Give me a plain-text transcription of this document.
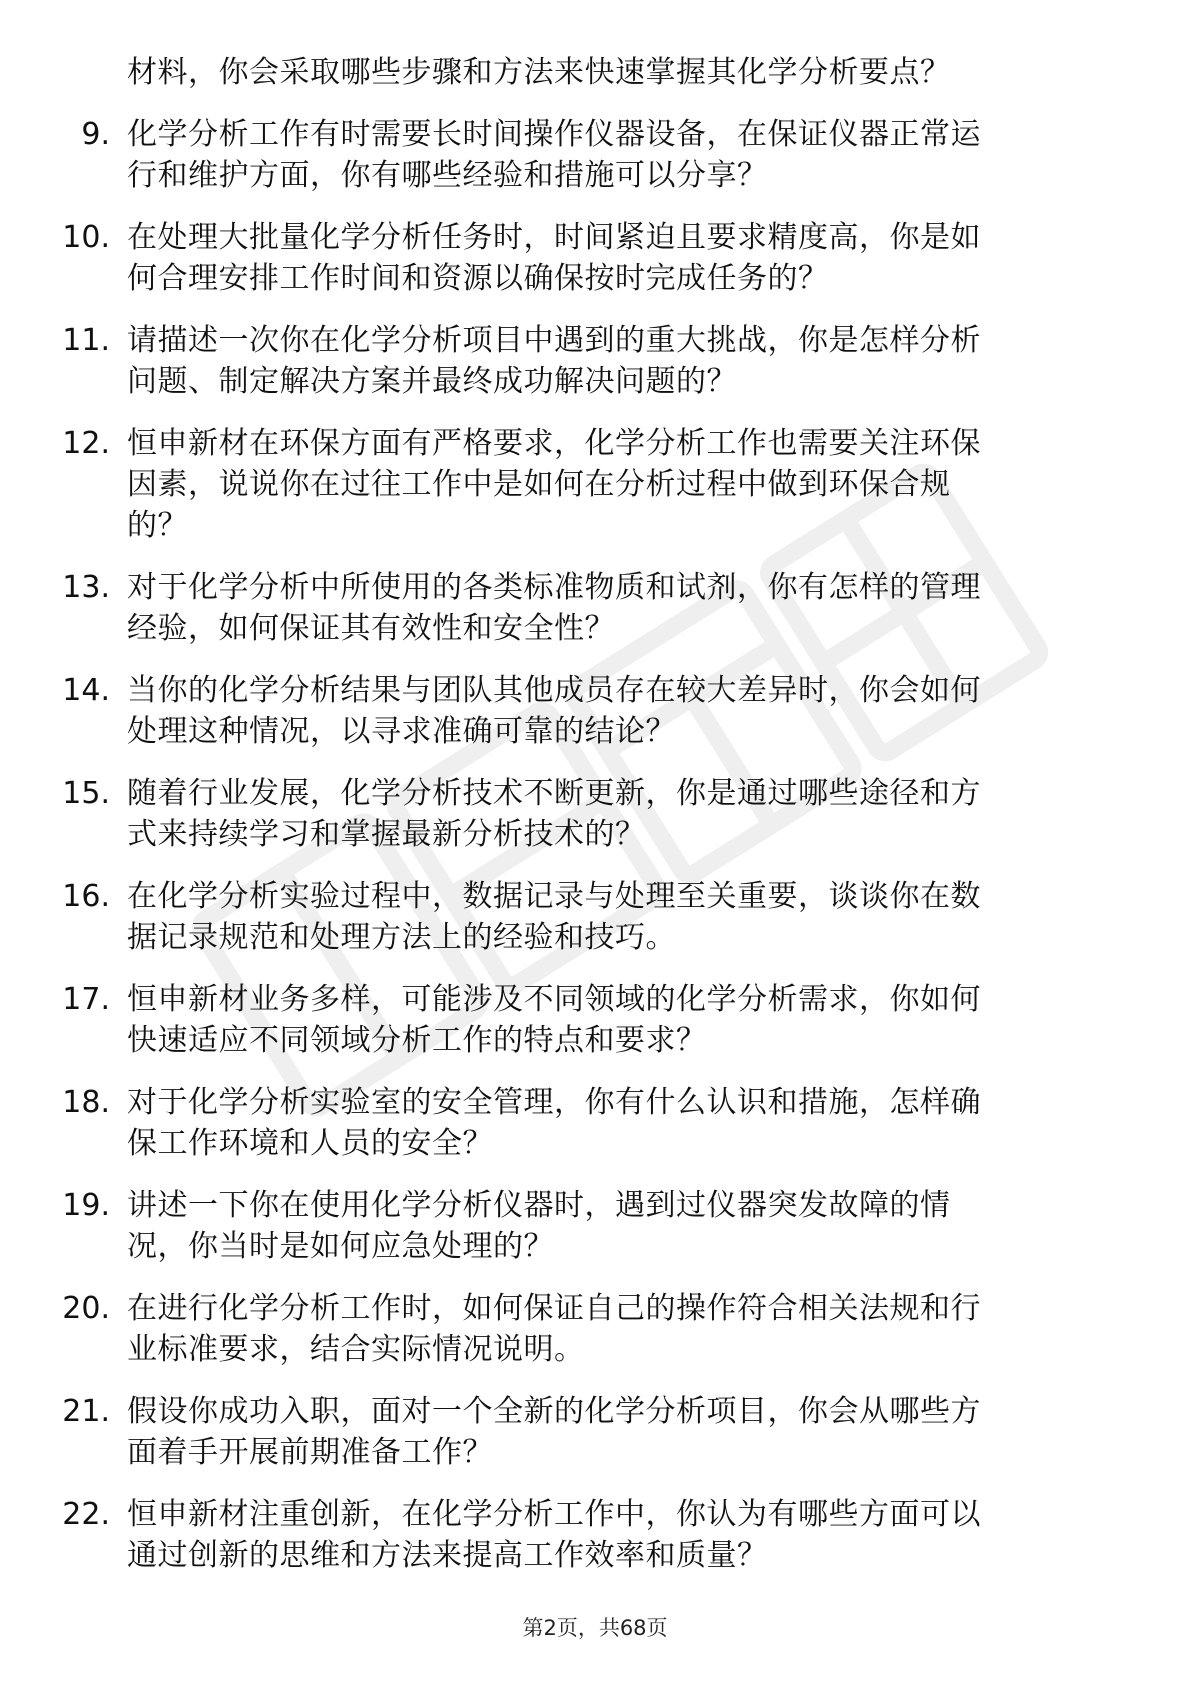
材料，你会采取哪些步骤和方法来快速掌握其化学分析要点？
9. 化学分析工作有时需要长时间操作仪器设备，在保证仪器正常运
行和维护方面，你有哪些经验和措施可以分享？
10. 在处理大批量化学分析任务时，时间紧迫且要求精度高，你是如
何合理安排工作时间和资源以确保按时完成任务的？
11. 请描述一次你在化学分析项目中遇到的重大挑战，你是怎样分析
问题、制定解决方案并最终成功解决问题的？
12. 恒申新材在环保方面有严格要求，化学分析工作也需要关注环保
因素，说说你在过往工作中是如何在分析过程中做到环保合规
的？
13. 对于化学分析中所使用的各类标准物质和试剂，你有怎样的管理
经验，如何保证其有效性和安全性？
14. 当你的化学分析结果与团队其他成员存在较大差异时，你会如何
处理这种情况，以寻求准确可靠的结论？
15. 随着行业发展，化学分析技术不断更新，你是通过哪些途径和方
式来持续学习和掌握最新分析技术的？
16. 在化学分析实验过程中，数据记录与处理至关重要，谈谈你在数
据记录规范和处理方法上的经验和技巧。
17. 恒申新材业务多样，可能涉及不同领域的化学分析需求，你如何
快速适应不同领域分析工作的特点和要求？
18. 对于化学分析实验室的安全管理，你有什么认识和措施，怎样确
保工作环境和人员的安全？
19. 讲述一下你在使用化学分析仪器时，遇到过仪器突发故障的情
况，你当时是如何应急处理的？
20. 在进行化学分析工作时，如何保证自己的操作符合相关法规和行
业标准要求，结合实际情况说明。
21. 假设你成功入职，面对一个全新的化学分析项目，你会从哪些方
面着手开展前期准备工作？
22. 恒申新材注重创新，在化学分析工作中，你认为有哪些方面可以
通过创新的思维和方法来提高工作效率和质量？
第2页，共68页
